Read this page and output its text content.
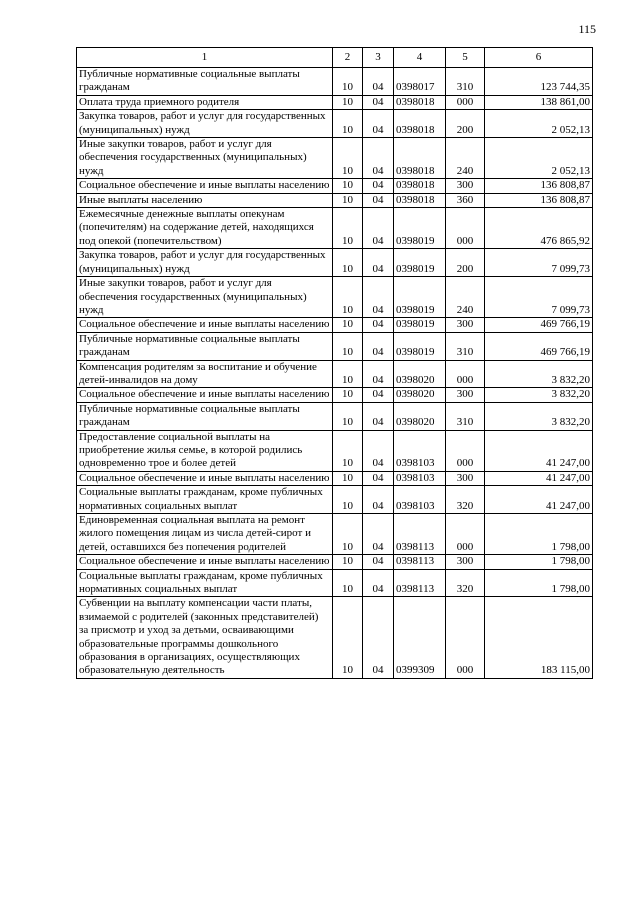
115
1	2	3	4	5	6
Публичные нормативные социальные выплаты гражданам	10	04	0398017	310	123 744,35
Оплата труда приемного родителя	10	04	0398018	000	138 861,00
Закупка товаров, работ и услуг для государственных (муниципальных) нужд	10	04	0398018	200	2 052,13
Иные закупки товаров, работ и услуг для обеспечения государственных (муниципальных) нужд	10	04	0398018	240	2 052,13
Социальное обеспечение и иные выплаты населению	10	04	0398018	300	136 808,87
Иные выплаты населению	10	04	0398018	360	136 808,87
Ежемесячные денежные выплаты опекунам (попечителям) на содержание детей, находящихся под опекой (попечительством)	10	04	0398019	000	476 865,92
Закупка товаров, работ и услуг для государственных (муниципальных) нужд	10	04	0398019	200	7 099,73
Иные закупки товаров, работ и услуг для обеспечения государственных (муниципальных) нужд	10	04	0398019	240	7 099,73
Социальное обеспечение и иные выплаты населению	10	04	0398019	300	469 766,19
Публичные нормативные социальные выплаты гражданам	10	04	0398019	310	469 766,19
Компенсация родителям за воспитание и обучение детей-инвалидов на дому	10	04	0398020	000	3 832,20
Социальное обеспечение и иные выплаты населению	10	04	0398020	300	3 832,20
Публичные нормативные социальные выплаты гражданам	10	04	0398020	310	3 832,20
Предоставление социальной выплаты на приобретение жилья семье, в которой родились одновременно трое и более детей	10	04	0398103	000	41 247,00
Социальное обеспечение и иные выплаты населению	10	04	0398103	300	41 247,00
Социальные выплаты гражданам, кроме публичных нормативных социальных выплат	10	04	0398103	320	41 247,00
Единовременная социальная выплата на ремонт жилого помещения лицам из числа детей-сирот и детей, оставшихся без попечения родителей	10	04	0398113	000	1 798,00
Социальное обеспечение и иные выплаты населению	10	04	0398113	300	1 798,00
Социальные выплаты гражданам, кроме публичных нормативных социальных выплат	10	04	0398113	320	1 798,00
Субвенции на выплату компенсации части платы, взимаемой с родителей (законных представителей) за присмотр и уход за детьми, осваивающими образовательные программы дошкольного образования в организациях, осуществляющих образовательную деятельность	10	04	0399309	000	183 115,00
